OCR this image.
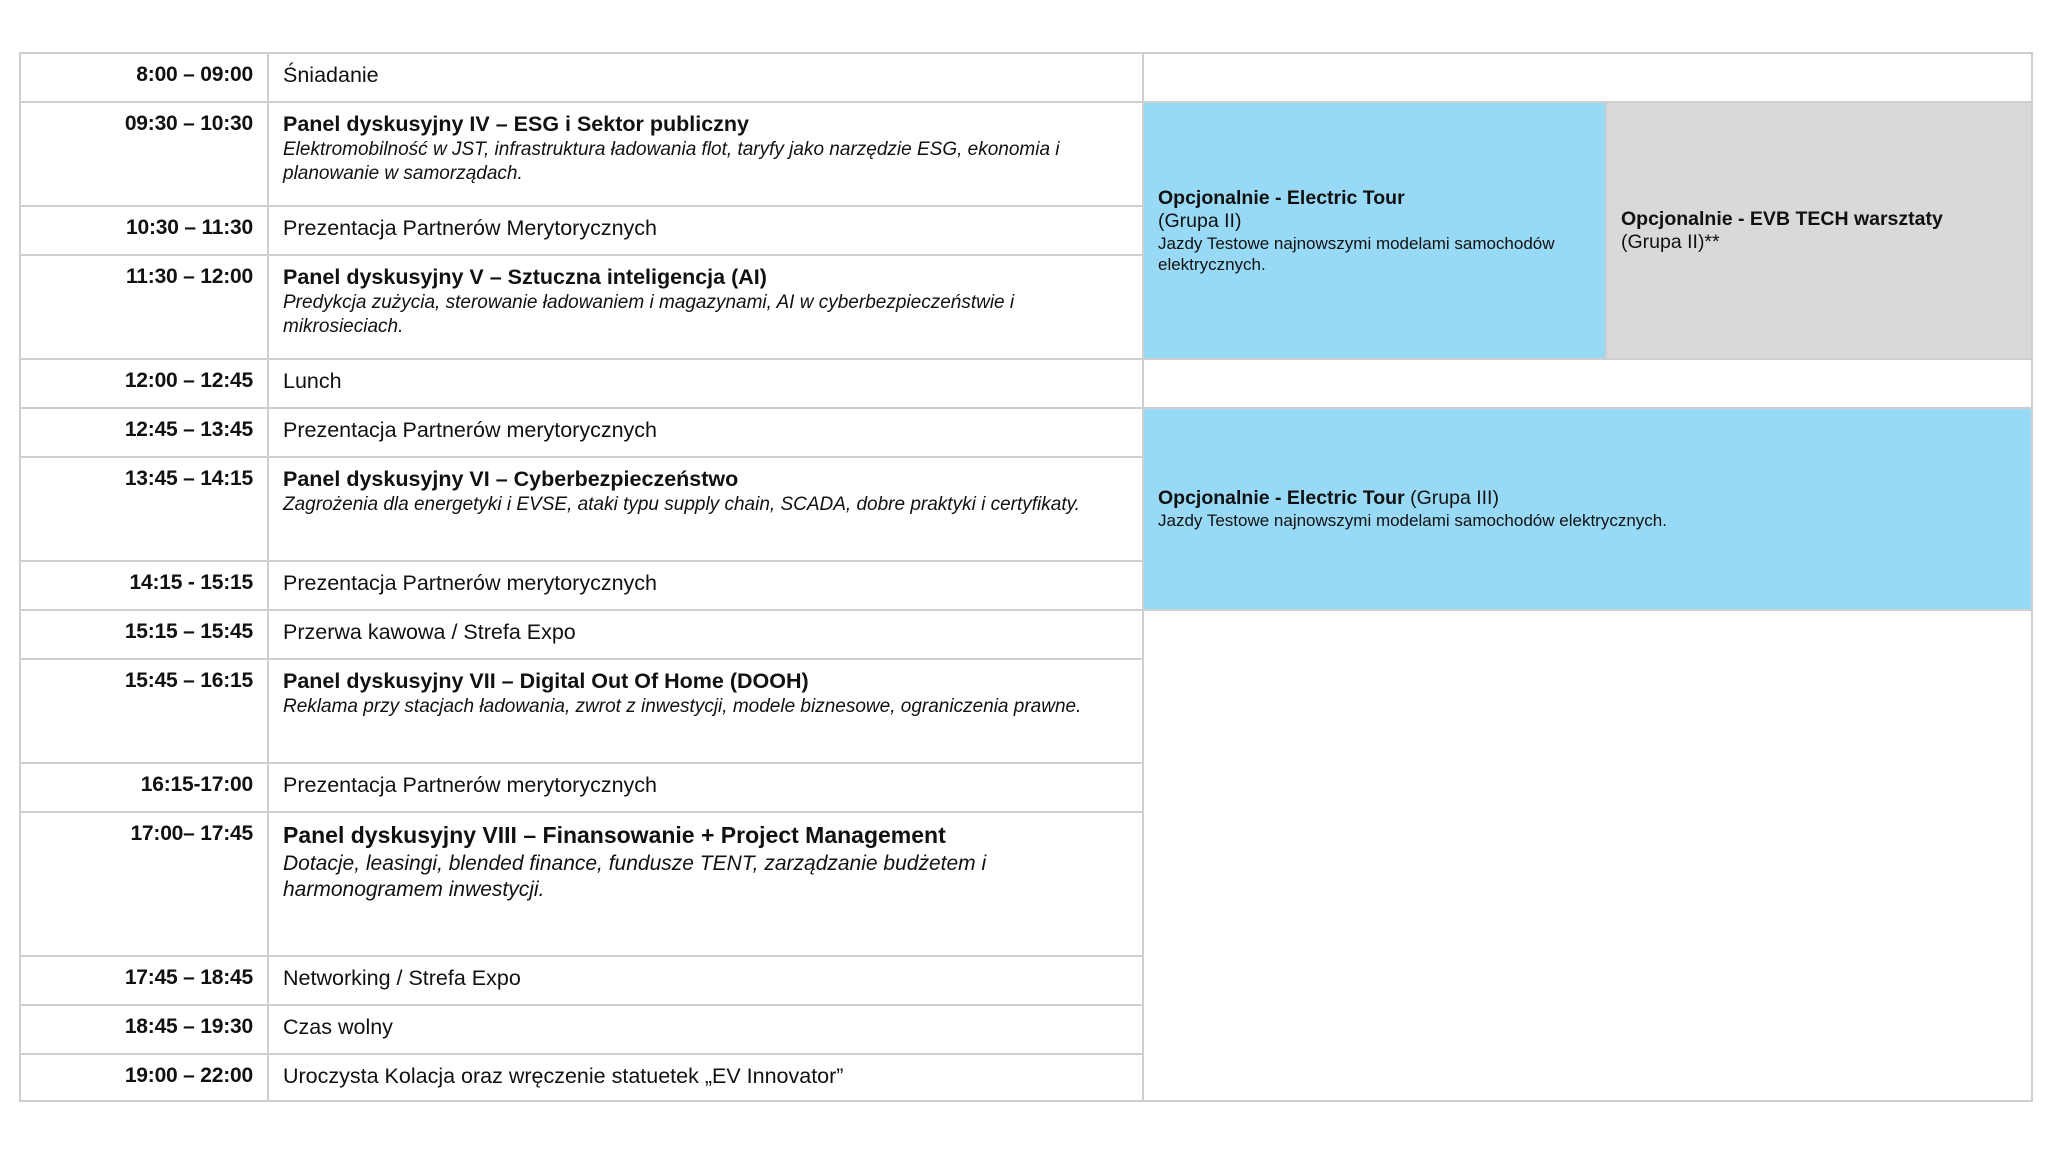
8:00 – 09:00	Śniadanie
09:30 – 10:30	Panel dyskusyjny IV – ESG i Sektor publiczny
Elektromobilność w JST, infrastruktura ładowania flot, taryfy jako narzędzie ESG, ekonomia i planowanie w samorządach.
10:30 – 11:30	Prezentacja Partnerów Merytorycznych
11:30 – 12:00	Panel dyskusyjny V – Sztuczna inteligencja (AI)
Predykcja zużycia, sterowanie ładowaniem i magazynami, AI w cyberbezpieczeństwie i mikrosieciach.
Opcjonalnie - Electric Tour
(Grupa II)
Jazdy Testowe najnowszymi modelami samochodów elektrycznych.
Opcjonalnie - EVB TECH warsztaty
(Grupa II)**
12:00 – 12:45	Lunch
12:45 – 13:45	Prezentacja Partnerów merytorycznych
13:45 – 14:15	Panel dyskusyjny VI – Cyberbezpieczeństwo
Zagrożenia dla energetyki i EVSE, ataki typu supply chain, SCADA, dobre praktyki i certyfikaty.
14:15 - 15:15	Prezentacja Partnerów merytorycznych
Opcjonalnie - Electric Tour (Grupa III)
Jazdy Testowe najnowszymi modelami samochodów elektrycznych.
15:15 – 15:45	Przerwa kawowa / Strefa Expo
15:45 – 16:15	Panel dyskusyjny VII – Digital Out Of Home (DOOH)
Reklama przy stacjach ładowania, zwrot z inwestycji, modele biznesowe, ograniczenia prawne.
16:15-17:00	Prezentacja Partnerów merytorycznych
17:00– 17:45	Panel dyskusyjny VIII – Finansowanie + Project Management
Dotacje, leasingi, blended finance, fundusze TENT, zarządzanie budżetem i harmonogramem inwestycji.
17:45 – 18:45	Networking / Strefa Expo
18:45 – 19:30	Czas wolny
19:00 – 22:00	Uroczysta Kolacja oraz wręczenie statuetek „EV Innovator”
